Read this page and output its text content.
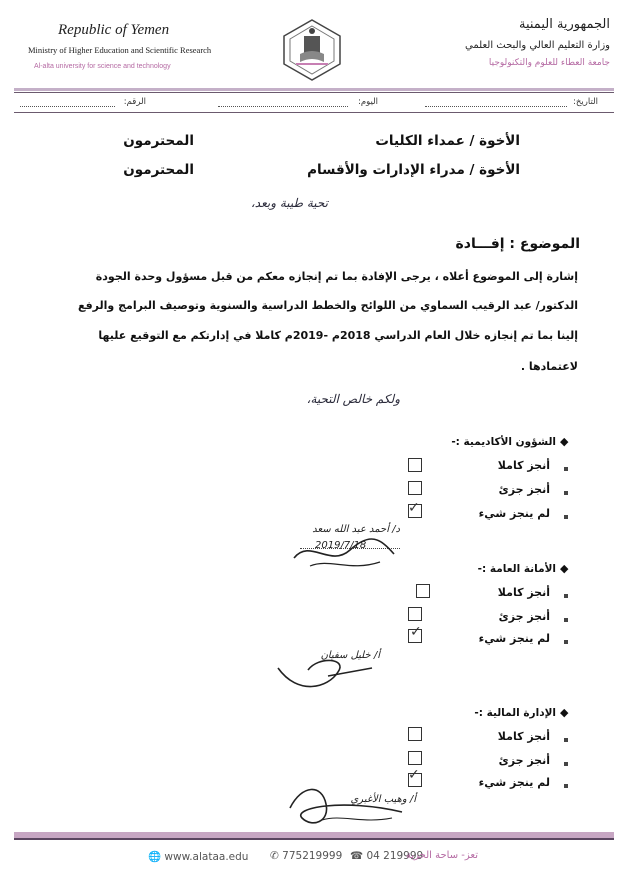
Republic of Yemen
Ministry of Higher Education and Scientific Research
Al-alta university for science and technology
الجمهورية اليمنية
وزارة التعليم العالي والبحث العلمي
جامعة العطاء للعلوم والتكنولوجيا
التاريخ:
اليوم:
الرقم:
الأخوة / عمداء الكليات
المحترمون
الأخوة / مدراء الإدارات والأقسام
المحترمون
تحية طيبة وبعد،
الموضوع : إفـــادة
إشارة إلى الموضوع أعلاه ، يرجى الإفادة بما تم إنجازه معكم من قبل مسؤول وحدة الجودة
الدكتور/ عبد الرقيب السماوي من اللوائح والخطط الدراسية والسنوية وتوصيف البرامج والرفع
إلينا بما تم إنجازه خلال العام الدراسي 2018م -2019م كاملا في إدارتكم مع التوقيع عليها
لاعتمادها .
ولكم خالص التحية،
◆
الشؤون الأكاديمية :-
أنجز كاملا
أنجز جزئ
لم ينجز شيء
✓
د/ أحمد عبد الله سعد
2019/7/18
◆
الأمانة العامة :-
أنجز كاملا
أنجز جزئ
لم ينجز شيء
✓
أ/ خليل سفيان
◆
الإدارة المالية :-
أنجز كاملا
أنجز جزئ
لم ينجز شيء
✓
أ/ وهيب الأغبري
🌐 www.alataa.edu ✆ 775219999 ☎ 04 219999
تعز- ساحة الحرية
